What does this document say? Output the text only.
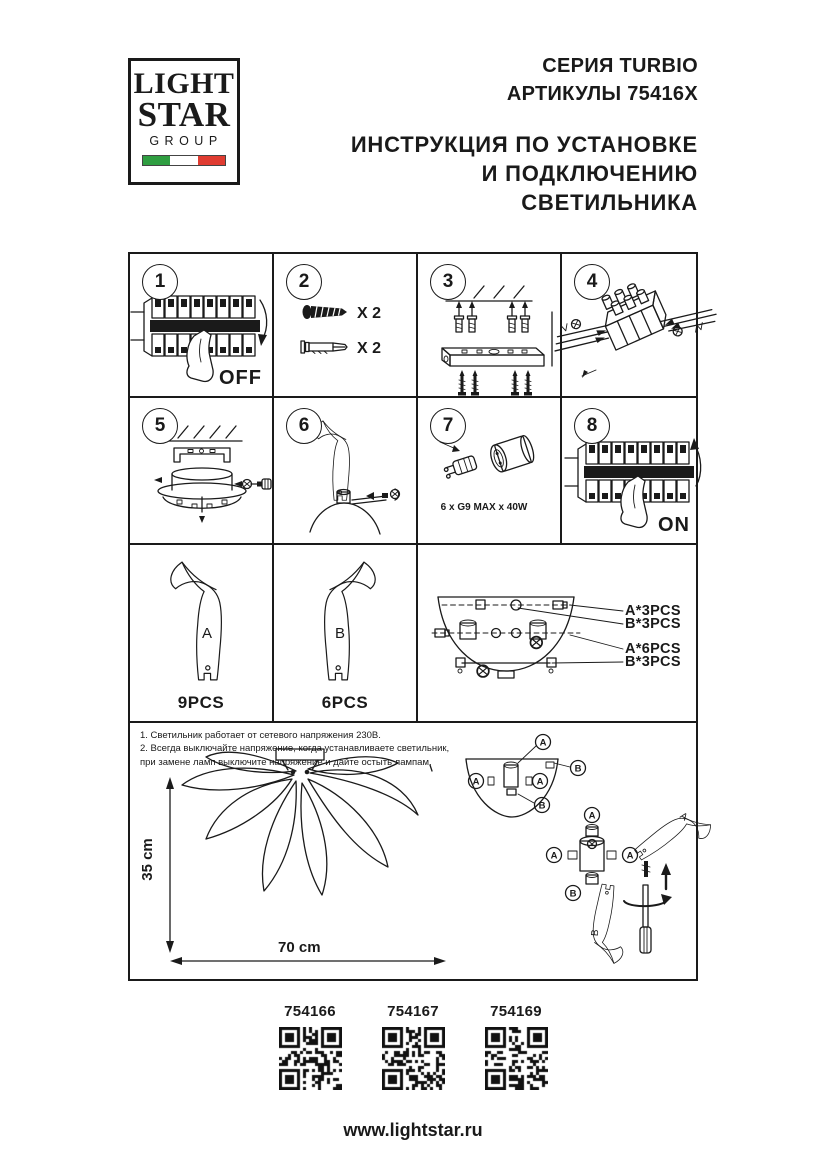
LIGHT
STAR
GROUP
СЕРИЯ TURBIO
АРТИКУЛЫ 75416X
ИНСТРУКЦИЯ ПО УСТАНОВКЕ
И ПОДКЛЮЧЕНИЮ СВЕТИЛЬНИКА
1
OFF
2
X 2
X 2
3	4
5	6	7
6 x G9 MAX x 40W
8
ON
A
9PCS
B
6PCS
A*3PCS
B*3PCS
A*6PCS
B*3PCS
1. Светильник работает от сетевого напряжения 230В.
2. Всегда выключайте напряжение, когда устанавливаете светильник,
при замене ламп выключите напряжение и дайте остыть лампам.
A
A	A
B
B
A
A	A
B
A
B
35 cm
70 cm
754166	754167	754169
www.lightstar.ru
